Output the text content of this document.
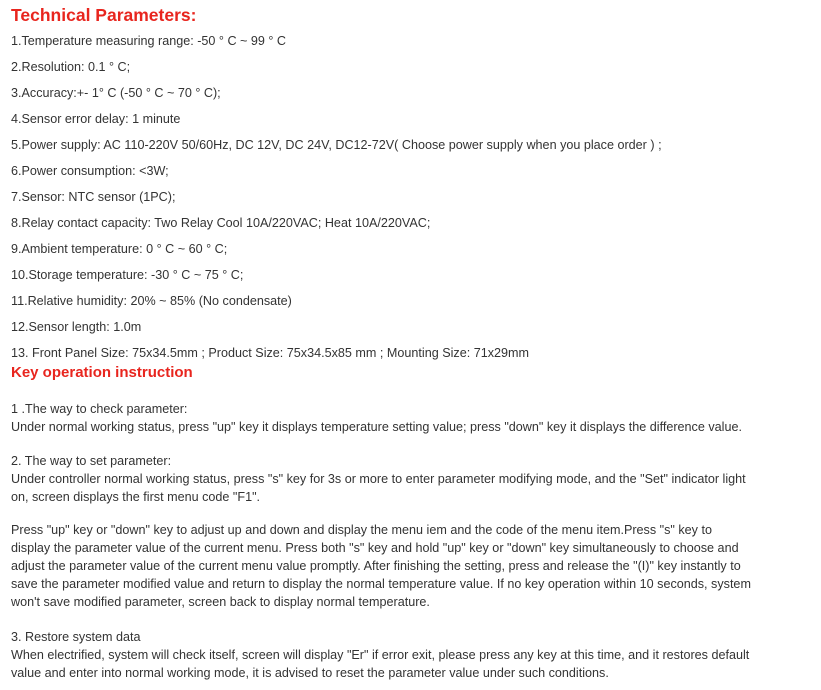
Technical Parameters:
1.Temperature measuring range: -50 ° C ~ 99 ° C
2.Resolution: 0.1 ° C;
3.Accuracy:+- 1° C (-50 ° C ~ 70 ° C);
4.Sensor error delay: 1 minute
5.Power supply: AC 110-220V 50/60Hz, DC 12V, DC 24V, DC12-72V( Choose power supply when you place order ) ;
6.Power consumption: <3W;
7.Sensor: NTC sensor (1PC);
8.Relay contact capacity: Two Relay Cool 10A/220VAC; Heat 10A/220VAC;
9.Ambient temperature: 0 ° C ~ 60 ° C;
10.Storage temperature: -30 ° C ~ 75 ° C;
11.Relative humidity: 20% ~ 85% (No condensate)
12.Sensor length: 1.0m
13. Front Panel Size: 75x34.5mm ; Product Size: 75x34.5x85 mm ; Mounting Size: 71x29mm
Key operation instruction
1 .The way to check parameter:
Under normal working status, press "up" key it displays temperature setting value; press "down" key it displays the difference value.
2. The way to set parameter:
Under controller normal working status, press "s" key for 3s or more to enter parameter modifying mode, and the "Set" indicator light
on, screen displays the first menu code "F1".
Press "up" key or "down" key to adjust up and down and display the menu iem and the code of the menu item.Press "s" key to
display the parameter value of the current menu. Press both "s" key and hold "up" key or "down" key simultaneously to choose and
adjust the parameter value of the current menu value promptly. After finishing the setting, press and release the "(I)" key instantly to
save the parameter modified value and return to display the normal temperature value. If no key operation within 10 seconds, system
won't save modified parameter, screen back to display normal temperature.
3. Restore system data
When electrified, system will check itself, screen will display "Er" if error exit, please press any key at this time, and it restores default
value and enter into normal working mode, it is advised to reset the parameter value under such conditions.
